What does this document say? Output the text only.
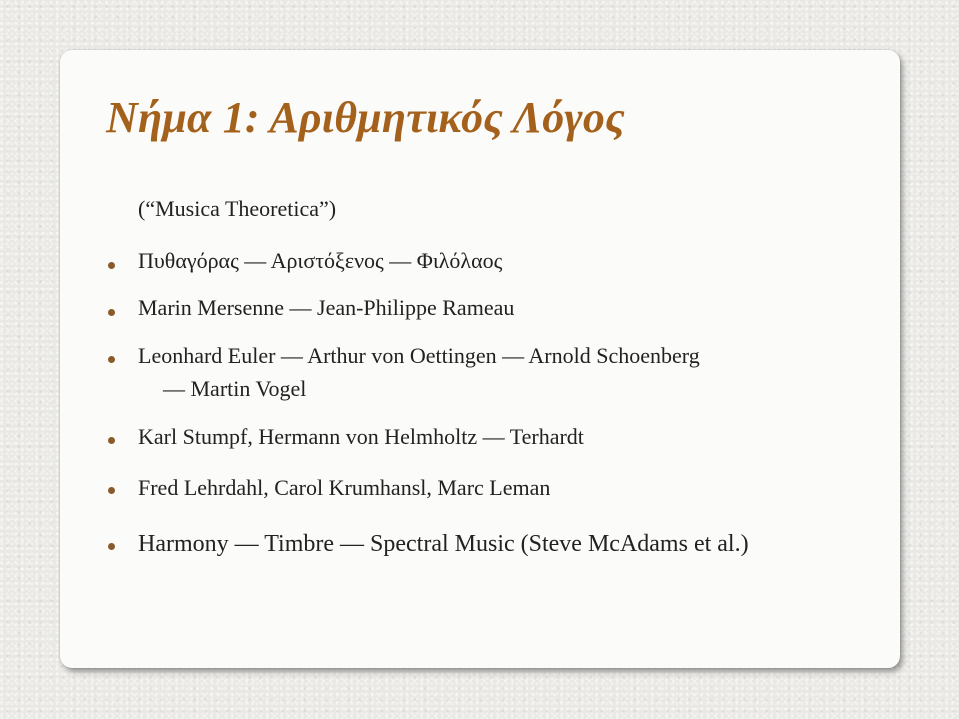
Νήμα 1: Αριθμητικός Λόγος

(“Musica Theoretica”)

Πυθαγόρας — Αριστόξενος — Φιλόλαος

Marin Mersenne — Jean-Philippe Rameau

Leonhard Euler — Arthur von Oettingen — Arnold Schoenberg

— Martin Vogel

Karl Stumpf, Hermann von Helmholtz — Terhardt

Fred Lehrdahl, Carol Krumhansl, Marc Leman

Harmony — Timbre — Spectral Music (Steve McAdams et al.)
